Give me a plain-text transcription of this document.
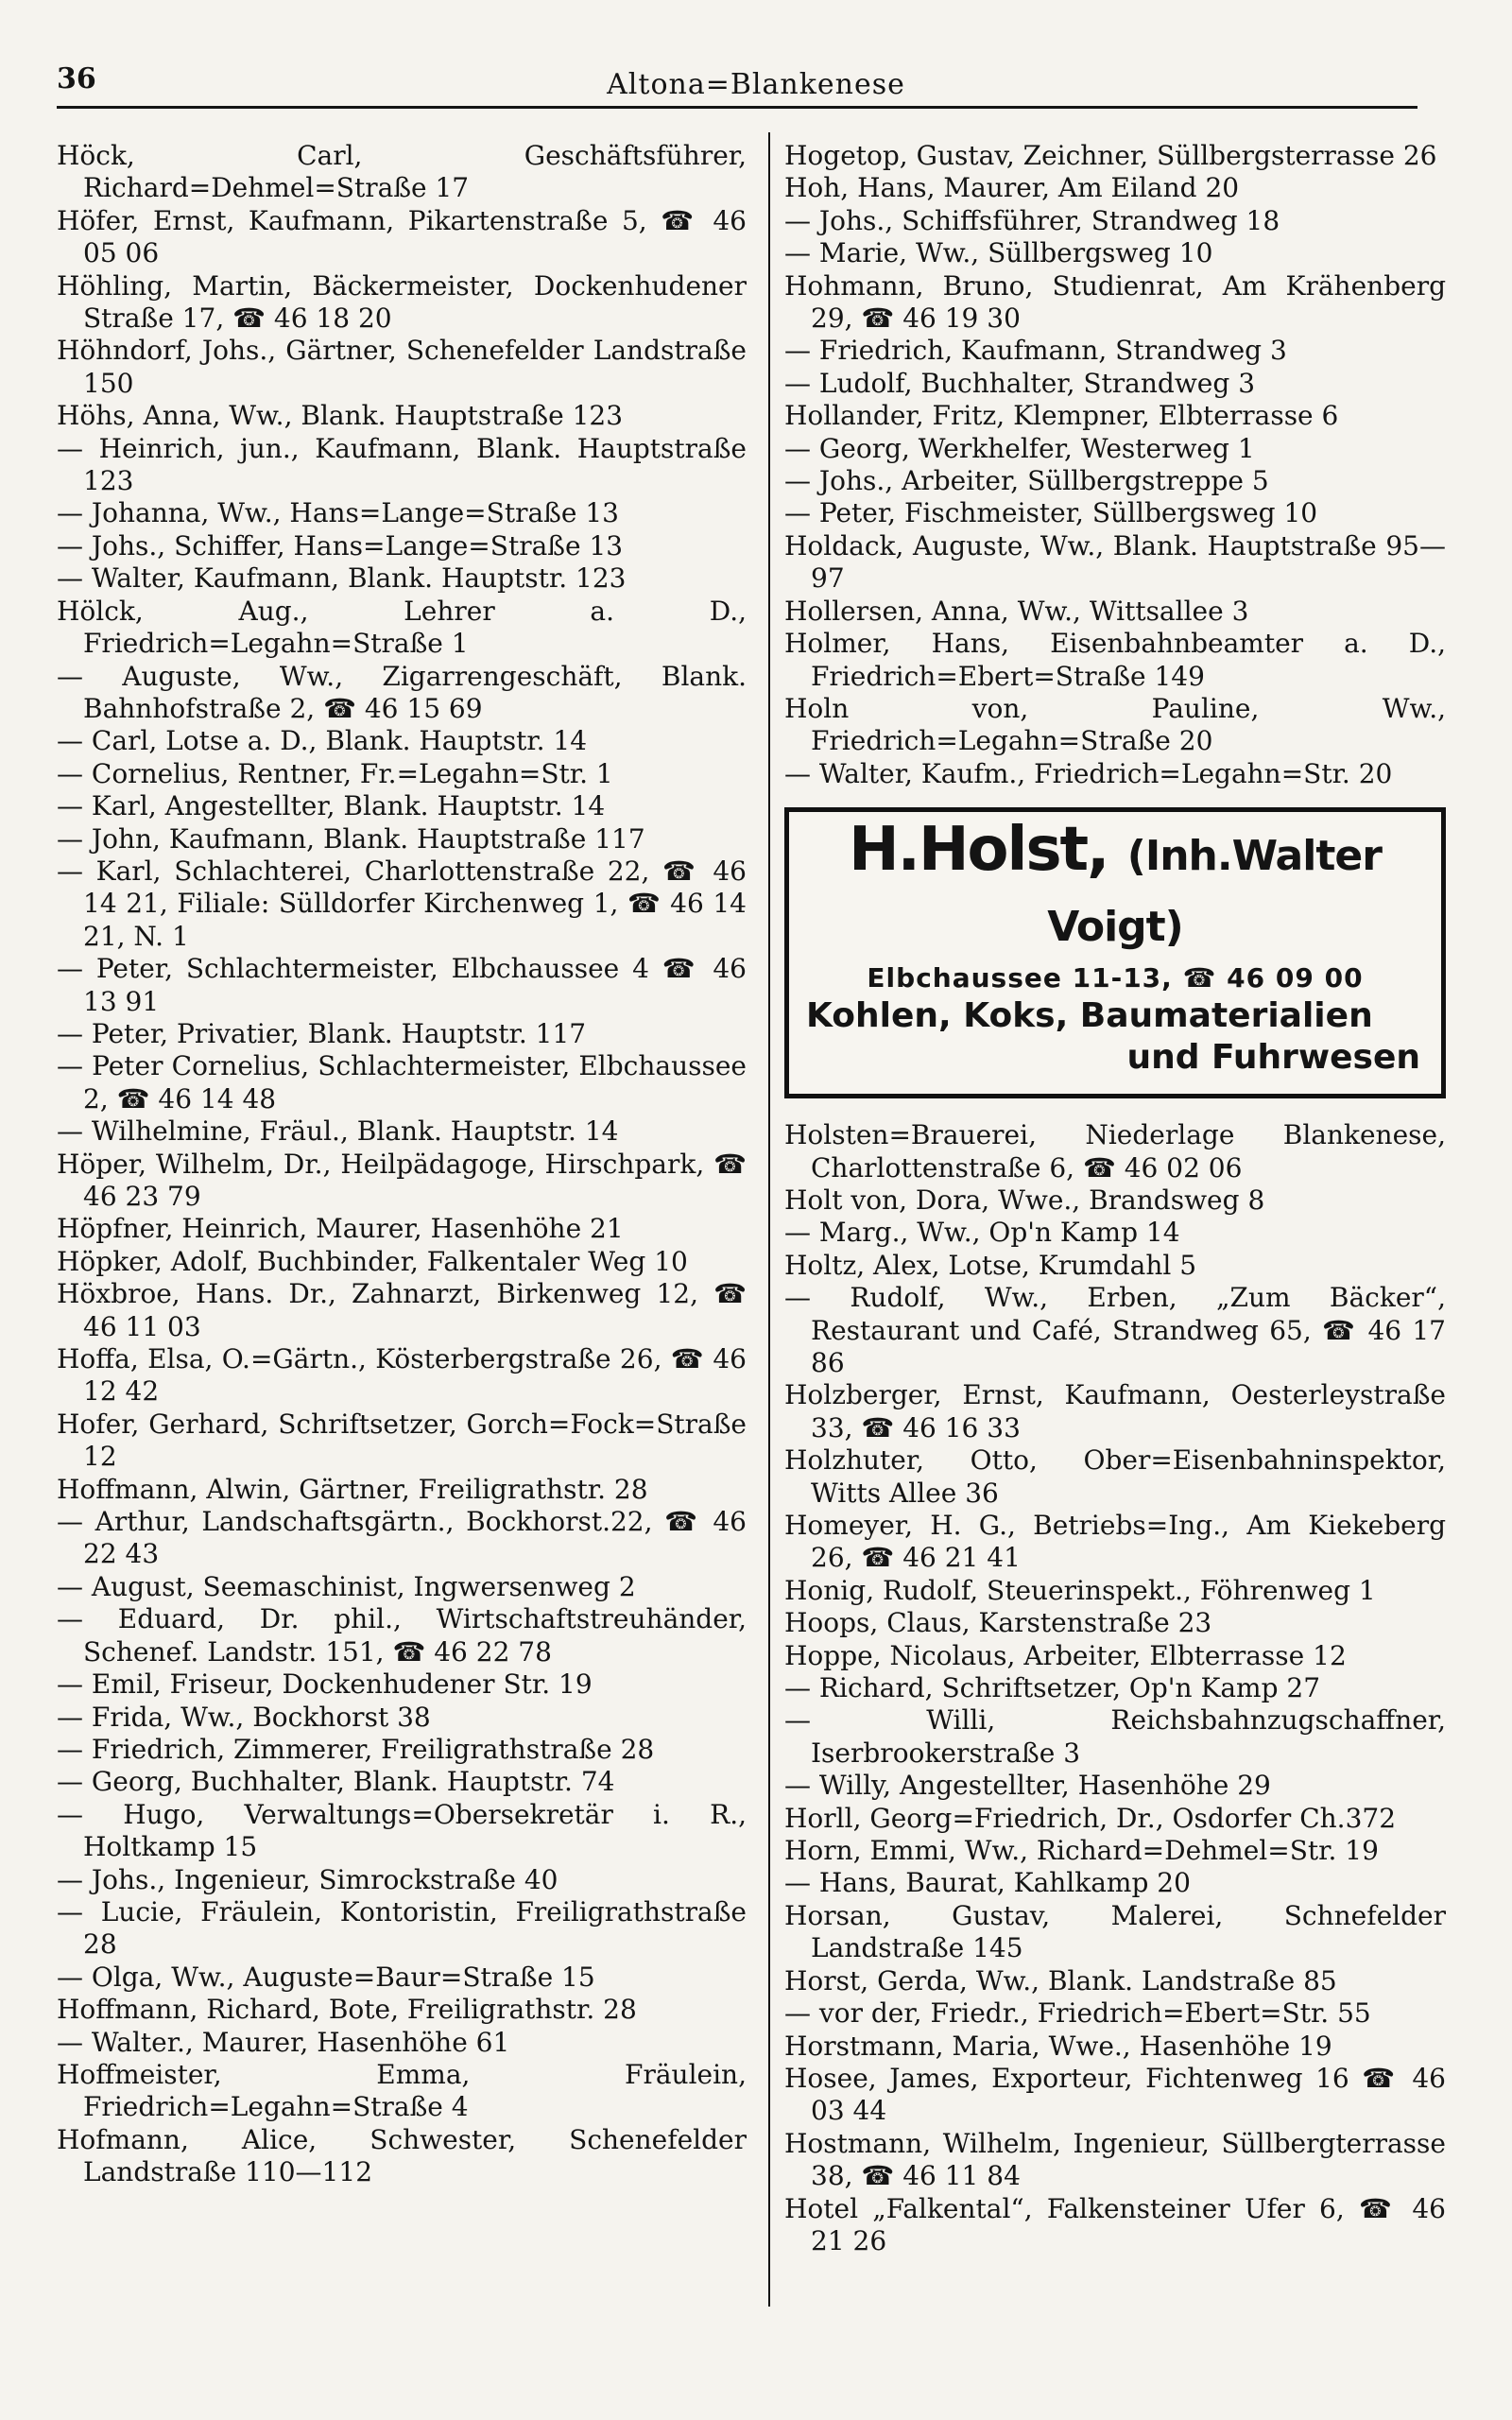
36	Altona=Blankenese
Höck, Carl, Geschäftsführer, Richard=Dehmel=Straße 17
Höfer, Ernst, Kaufmann, Pikartenstraße 5, ☎ 46 05 06
Höhling, Martin, Bäckermeister, Dockenhudener Straße 17, ☎ 46 18 20
Höhndorf, Johs., Gärtner, Schenefelder Landstraße 150
Höhs, Anna, Ww., Blank. Hauptstraße 123
— Heinrich, jun., Kaufmann, Blank. Hauptstraße 123
— Johanna, Ww., Hans=Lange=Straße 13
— Johs., Schiffer, Hans=Lange=Straße 13
— Walter, Kaufmann, Blank. Hauptstr. 123
Hölck, Aug., Lehrer a. D., Friedrich=Legahn=Straße 1
— Auguste, Ww., Zigarrengeschäft, Blank. Bahnhofstraße 2, ☎ 46 15 69
— Carl, Lotse a. D., Blank. Hauptstr. 14
— Cornelius, Rentner, Fr.=Legahn=Str. 1
— Karl, Angestellter, Blank. Hauptstr. 14
— John, Kaufmann, Blank. Hauptstraße 117
— Karl, Schlachterei, Charlottenstraße 22, ☎ 46 14 21, Filiale: Sülldorfer Kirchenweg 1, ☎ 46 14 21, N. 1
— Peter, Schlachtermeister, Elbchaussee 4 ☎ 46 13 91
— Peter, Privatier, Blank. Hauptstr. 117
— Peter Cornelius, Schlachtermeister, Elbchaussee 2, ☎ 46 14 48
— Wilhelmine, Fräul., Blank. Hauptstr. 14
Höper, Wilhelm, Dr., Heilpädagoge, Hirschpark, ☎ 46 23 79
Höpfner, Heinrich, Maurer, Hasenhöhe 21
Höpker, Adolf, Buchbinder, Falkentaler Weg 10
Höxbroe, Hans. Dr., Zahnarzt, Birkenweg 12, ☎ 46 11 03
Hoffa, Elsa, O.=Gärtn., Kösterbergstraße 26, ☎ 46 12 42
Hofer, Gerhard, Schriftsetzer, Gorch=Fock=Straße 12
Hoffmann, Alwin, Gärtner, Freiligrathstr. 28
— Arthur, Landschaftsgärtn., Bockhorst.22, ☎ 46 22 43
— August, Seemaschinist, Ingwersenweg 2
— Eduard, Dr. phil., Wirtschaftstreuhänder, Schenef. Landstr. 151, ☎ 46 22 78
— Emil, Friseur, Dockenhudener Str. 19
— Frida, Ww., Bockhorst 38
— Friedrich, Zimmerer, Freiligrathstraße 28
— Georg, Buchhalter, Blank. Hauptstr. 74
— Hugo, Verwaltungs=Obersekretär i. R., Holtkamp 15
— Johs., Ingenieur, Simrockstraße 40
— Lucie, Fräulein, Kontoristin, Freiligrathstraße 28
— Olga, Ww., Auguste=Baur=Straße 15
Hoffmann, Richard, Bote, Freiligrathstr. 28
— Walter., Maurer, Hasenhöhe 61
Hoffmeister, Emma, Fräulein, Friedrich=Legahn=Straße 4
Hofmann, Alice, Schwester, Schenefelder Landstraße 110—112
Hogetop, Gustav, Zeichner, Süllbergsterrasse 26
Hoh, Hans, Maurer, Am Eiland 20
— Johs., Schiffsführer, Strandweg 18
— Marie, Ww., Süllbergsweg 10
Hohmann, Bruno, Studienrat, Am Krähenberg 29, ☎ 46 19 30
— Friedrich, Kaufmann, Strandweg 3
— Ludolf, Buchhalter, Strandweg 3
Hollander, Fritz, Klempner, Elbterrasse 6
— Georg, Werkhelfer, Westerweg 1
— Johs., Arbeiter, Süllbergstreppe 5
— Peter, Fischmeister, Süllbergsweg 10
Holdack, Auguste, Ww., Blank. Hauptstraße 95—97
Hollersen, Anna, Ww., Wittsallee 3
Holmer, Hans, Eisenbahnbeamter a. D., Friedrich=Ebert=Straße 149
Holn von, Pauline, Ww., Friedrich=Legahn=Straße 20
— Walter, Kaufm., Friedrich=Legahn=Str. 20
H.Holst, (Inh.Walter Voigt)
Elbchaussee 11-13, ☎ 46 09 00
Kohlen, Koks, Baumaterialien
und Fuhrwesen
Holsten=Brauerei, Niederlage Blankenese, Charlottenstraße 6, ☎ 46 02 06
Holt von, Dora, Wwe., Brandsweg 8
— Marg., Ww., Op'n Kamp 14
Holtz, Alex, Lotse, Krumdahl 5
— Rudolf, Ww., Erben, „Zum Bäcker“, Restaurant und Café, Strandweg 65, ☎ 46 17 86
Holzberger, Ernst, Kaufmann, Oesterleystraße 33, ☎ 46 16 33
Holzhuter, Otto, Ober=Eisenbahninspektor, Witts Allee 36
Homeyer, H. G., Betriebs=Ing., Am Kiekeberg 26, ☎ 46 21 41
Honig, Rudolf, Steuerinspekt., Föhrenweg 1
Hoops, Claus, Karstenstraße 23
Hoppe, Nicolaus, Arbeiter, Elbterrasse 12
— Richard, Schriftsetzer, Op'n Kamp 27
— Willi, Reichsbahnzugschaffner, Iserbrookerstraße 3
— Willy, Angestellter, Hasenhöhe 29
Horll, Georg=Friedrich, Dr., Osdorfer Ch.372
Horn, Emmi, Ww., Richard=Dehmel=Str. 19
— Hans, Baurat, Kahlkamp 20
Horsan, Gustav, Malerei, Schnefelder Landstraße 145
Horst, Gerda, Ww., Blank. Landstraße 85
— vor der, Friedr., Friedrich=Ebert=Str. 55
Horstmann, Maria, Wwe., Hasenhöhe 19
Hosee, James, Exporteur, Fichtenweg 16 ☎ 46 03 44
Hostmann, Wilhelm, Ingenieur, Süllbergterrasse 38, ☎ 46 11 84
Hotel „Falkental“, Falkensteiner Ufer 6, ☎ 46 21 26
